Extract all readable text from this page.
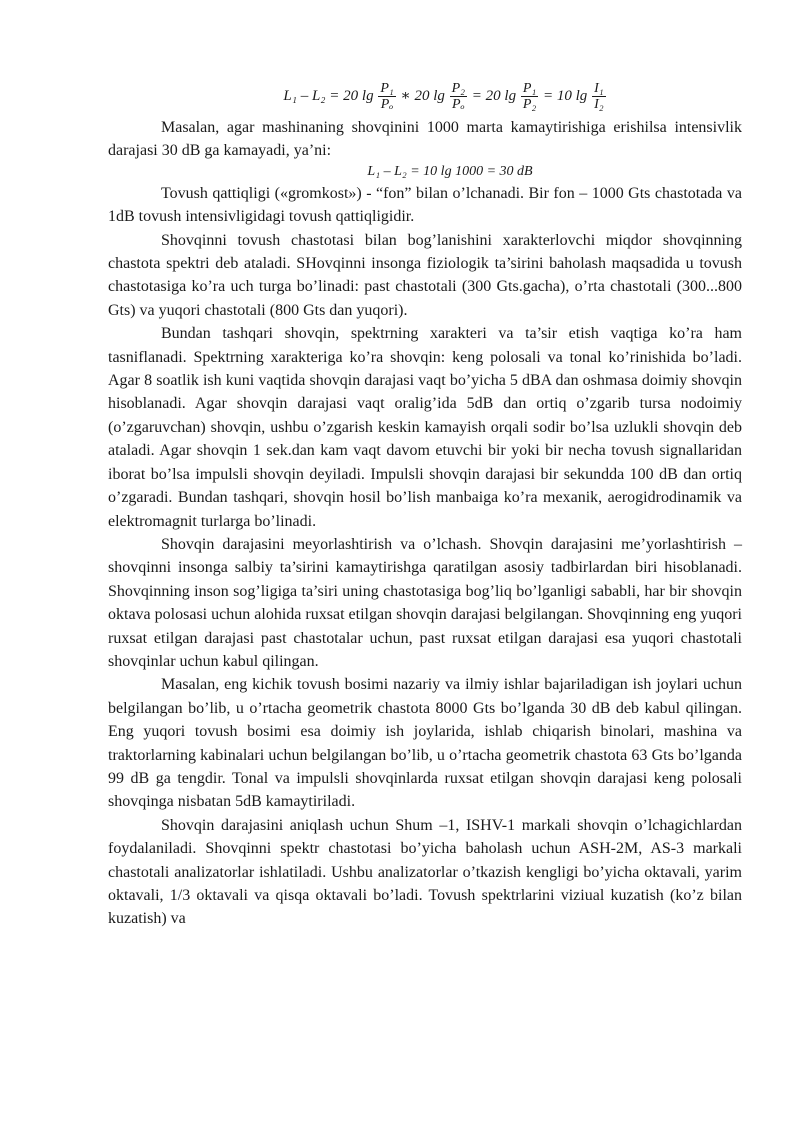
L₁ – L₂ = 20 $\lg \frac{\text{P₁}}{\text{Pₒ}}$ ∗ 20 $\lg \frac{\text{P₂}}{\text{Pₒ}} = 20$ $\lg \frac{\text{P₁}}{\text{P₂}} = 10$ $\lg \frac{\text{I₁}}{\text{I₂}}$

Masalan, agar mashinaning shovqinini 1000 marta kamaytirishiga erishilsa intensivlik darajasi 30 dB ga kamayadi, ya’ni:

L₁ – L₂ = 10 lg 1000 = 30 dB

Tovush qattiqligi («gromkost») - “fon” bilan o’lchanadi. Bir fon – 1000 Gts chastotada va 1dB tovush intensivligidagi tovush qattiqligidir.

Shovqinni tovush chastotasi bilan bog’lanishini xarakterlovchi miqdor shovqinning chastota spektri deb ataladi. SHovqinni insonga fiziologik ta’sirini baholash maqsadida u tovush chastotasiga ko’ra uch turga bo’linadi: past chastotali (300 Gts.gacha), o’rta chastotali (300...800 Gts) va yuqori chastotali (800 Gts dan yuqori).

Bundan tashqari shovqin, spektrning xarakteri va ta’sir etish vaqtiga ko’ra ham tasniflanadi. Spektrning xarakteriga ko’ra shovqin: keng polosali va tonal ko’rinishida bo’ladi. Agar 8 soatlik ish kuni vaqtida shovqin darajasi vaqt bo’yicha 5 dBA dan oshmasa doimiy shovqin hisoblanadi. Agar shovqin darajasi vaqt oralig’ida 5dB dan ortiq o’zgarib tursa nodoimiy (o’zgaruvchan) shovqin, ushbu o’zgarish keskin kamayish orqali sodir bo’lsa uzlukli shovqin deb ataladi. Agar shovqin 1 sek.dan kam vaqt davom etuvchi bir yoki bir necha tovush signallaridan iborat bo’lsa impulsli shovqin deyiladi. Impulsli shovqin darajasi bir sekundda 100 dB dan ortiq o’zgaradi. Bundan tashqari, shovqin hosil bo’lish manbaiga ko’ra mexanik, aerogidrodinamik va elektromagnit turlarga bo’linadi.

Shovqin darajasini meyorlashtirish va o’lchash. Shovqin darajasini me’yorlashtirish – shovqinni insonga salbiy ta’sirini kamaytirishga qaratilgan asosiy tadbirlardan biri hisoblanadi. Shovqinning inson sog’ligiga ta’siri uning chastotasiga bog’liq bo’lganligi sababli, har bir shovqin oktava polosasi uchun alohida ruxsat etilgan shovqin darajasi belgilangan. Shovqinning eng yuqori ruxsat etilgan darajasi past chastotalar uchun, past ruxsat etilgan darajasi esa yuqori chastotali shovqinlar uchun kabul qilingan.

Masalan, eng kichik tovush bosimi nazariy va ilmiy ishlar bajariladigan ish joylari uchun belgilangan bo’lib, u o’rtacha geometrik chastota 8000 Gts bo’lganda 30 dB deb kabul qilingan. Eng yuqori tovush bosimi esa doimiy ish joylarida, ishlab chiqarish binolari, mashina va traktorlarning kabinalari uchun belgilangan bo’lib, u o’rtacha geometrik chastota 63 Gts bo’lganda 99 dB ga tengdir. Tonal va impulsli shovqinlarda ruxsat etilgan shovqin darajasi keng polosali shovqinga nisbatan 5dB kamaytiriladi.

Shovqin darajasini aniqlash uchun Shum –1, ISHV-1 markali shovqin o’lchagichlardan foydalaniladi. Shovqinni spektr chastotasi bo’yicha baholash uchun ASH-2M, AS-3 markali chastotali analizatorlar ishlatiladi. Ushbu analizatorlar o’tkazish kengligi bo’yicha oktavali, yarim oktavali, 1/3 oktavali va qisqa oktavali bo’ladi. Tovush spektrlarini viziual kuzatish (ko’z bilan kuzatish) va
